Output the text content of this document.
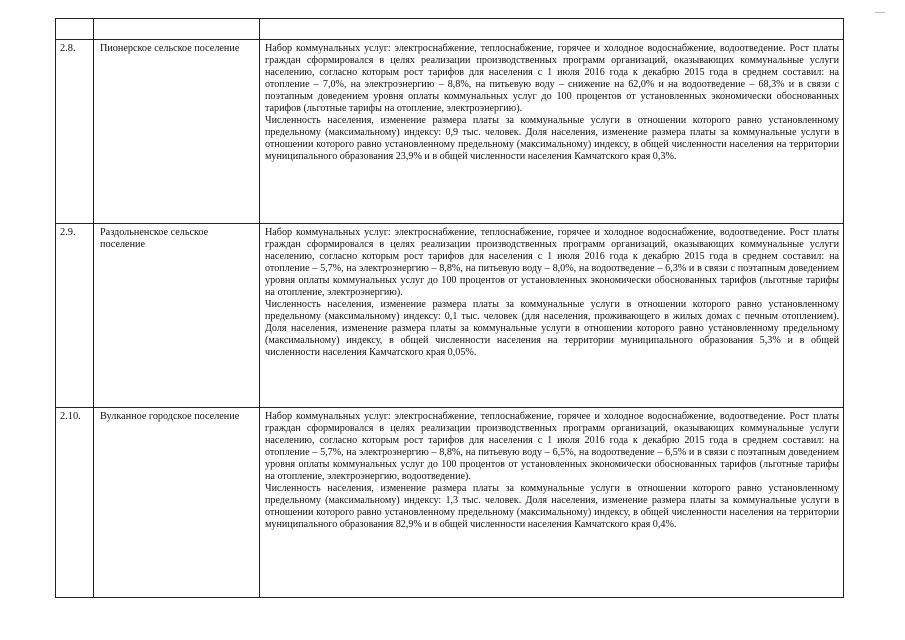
2.8.	Пионерское сельское поселение	Набор коммунальных услуг: электроснабжение, теплоснабжение, горячее и холодное водоснабжение, водоотведение. Рост платы граждан сформировался в целях реализации производственных программ организаций, оказывающих коммунальные услуги населению, согласно которым рост тарифов для населения с 1 июля 2016 года к декабрю 2015 года в среднем составил: на отопление – 7,0%, на электроэнергию – 8,8%, на питьевую воду – снижение на 62,0% и на водоотведение – 68,3% и в связи с поэтапным доведением уровня оплаты коммунальных услуг до 100 процентов от установленных экономически обоснованных тарифов (льготные тарифы на отопление, электроэнергию).

Численность населения, изменение размера платы за коммунальные услуги в отношении которого равно установленному предельному (максимальному) индексу: 0,9 тыс. человек. Доля населения, изменение размера платы за коммунальные услуги в отношении которого равно установленному предельному (максимальному) индексу, в общей численности населения на территории муниципального образования 23,9% и в общей численности населения Камчатского края 0,3%.

2.9.	Раздольненское сельское поселение	Набор коммунальных услуг: электроснабжение, теплоснабжение, горячее и холодное водоснабжение, водоотведение. Рост платы граждан сформировался в целях реализации производственных программ организаций, оказывающих коммунальные услуги населению, согласно которым рост тарифов для населения с 1 июля 2016 года к декабрю 2015 года в среднем составил: на отопление – 5,7%, на электроэнергию – 8,8%, на питьевую воду – 8,0%, на водоотведение – 6,3% и в связи с поэтапным доведением уровня оплаты коммунальных услуг до 100 процентов от установленных экономически обоснованных тарифов (льготные тарифы на отопление, электроэнергию).

Численность населения, изменение размера платы за коммунальные услуги в отношении которого равно установленному предельному (максимальному) индексу: 0,1 тыс. человек (для населения, проживающего в жилых домах с печным отоплением). Доля населения, изменение размера платы за коммунальные услуги в отношении которого равно установленному предельному (максимальному) индексу, в общей численности населения на территории муниципального образования 5,3% и в общей численности населения Камчатского края 0,05%.

2.10.	Вулканное городское поселение	Набор коммунальных услуг: электроснабжение, теплоснабжение, горячее и холодное водоснабжение, водоотведение. Рост платы граждан сформировался в целях реализации производственных программ организаций, оказывающих коммунальные услуги населению, согласно которым рост тарифов для населения с 1 июля 2016 года к декабрю 2015 года в среднем составил: на отопление – 5,7%, на электроэнергию – 8,8%, на питьевую воду – 6,5%, на водоотведение – 6,5% и в связи с поэтапным доведением уровня оплаты коммунальных услуг до 100 процентов от установленных экономически обоснованных тарифов (льготные тарифы на отопление, электроэнергию, водоотведение).

Численность населения, изменение размера платы за коммунальные услуги в отношении которого равно установленному предельному (максимальному) индексу: 1,3 тыс. человек. Доля населения, изменение размера платы за коммунальные услуги в отношении которого равно установленному предельному (максимальному) индексу, в общей численности населения на территории муниципального образования 82,9% и в общей численности населения Камчатского края 0,4%.
